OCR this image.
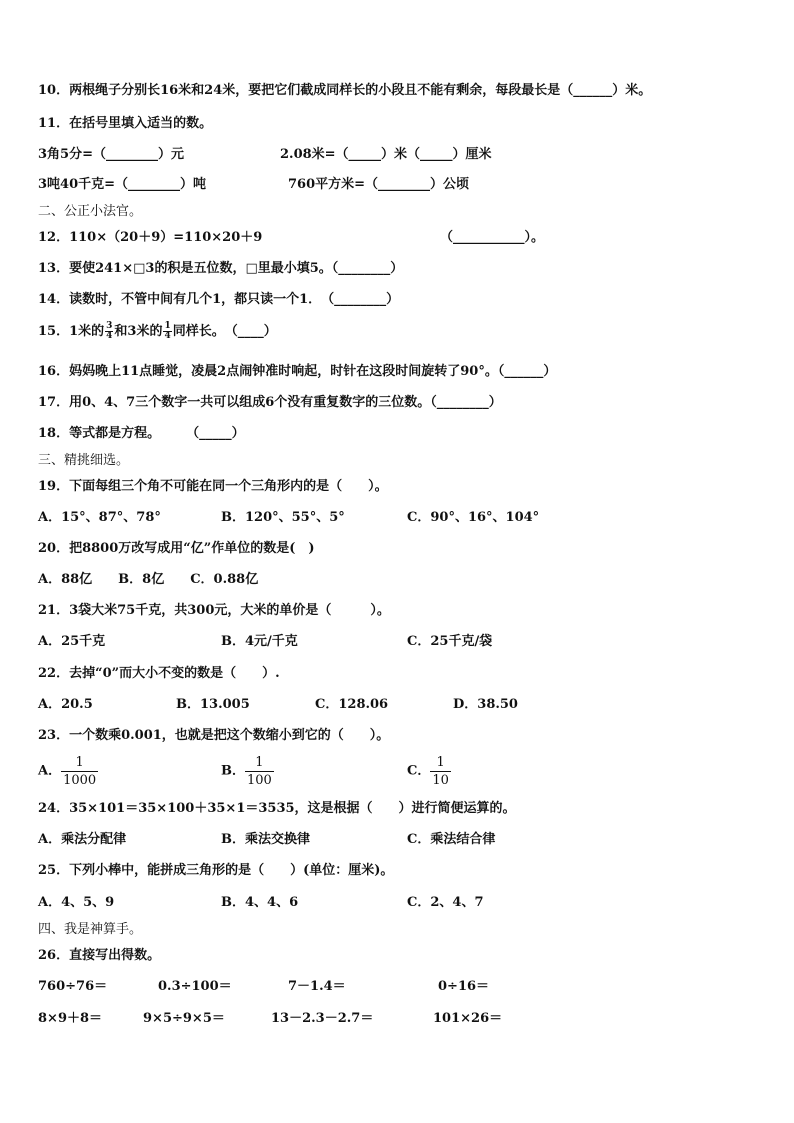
10．两根绳子分别长16米和24米，要把它们截成同样长的小段且不能有剩余，每段最长是（______）米。
11．在括号里填入适当的数。
3角5分=（________）元	2.08米=（_____）米（_____）厘米
3吨40千克=（________）吨	760平方米=（________）公顷
二、公正小法官。
12．110×（20＋9）=110×20＋9	（___________）。
13．要使241×□3的积是五位数，□里最小填5。（________）
14．读数时，不管中间有几个1，都只读一个1．　（________）
15．1米的 $\frac{3}{4}$ 和3米的 $\frac{1}{4}$ 同样长。　（____）
16．妈妈晚上11点睡觉，凌晨2点闹钟准时响起，时针在这段时间旋转了90°。（______）
17．用0、4、7三个数字一共可以组成6个没有重复数字的三位数。（________）
18．等式都是方程。　　　（_____）
三、精挑细选。
19．下面每组三个角不可能在同一个三角形内的是（　　）。
A．15°、87°、78°	B．120°、55°、5°	C．90°、16°、104°
20．把8800万改写成用“亿”作单位的数是(　)
A．88亿　　B．8亿　　C．0.88亿
21．3袋大米75千克，共300元，大米的单价是（　　　）。
A．25千克	B．4元/千克	C．25千克/袋
22．去掉“0”而大小不变的数是（　　）.
A．20.5	B．13.005	C．128.06	D．38.50
23．一个数乘0.001，也就是把这个数缩小到它的（　　）。
A． $\frac{1}{1000}$	B． $\frac{1}{100}$	C． $\frac{1}{10}$
24．35×101＝35×100＋35×1＝3535，这是根据（　　）进行简便运算的。
A．乘法分配律	B．乘法交换律	C．乘法结合律
25．下列小棒中，能拼成三角形的是（　　）(单位：厘米)。
A．4、5、9	B．4、4、6	C．2、4、7
四、我是神算手。
26．直接写出得数。
760÷76＝	0.3÷100＝	7－1.4＝	0÷16＝
8×9＋8＝	9×5÷9×5＝	13－2.3－2.7＝	101×26＝
